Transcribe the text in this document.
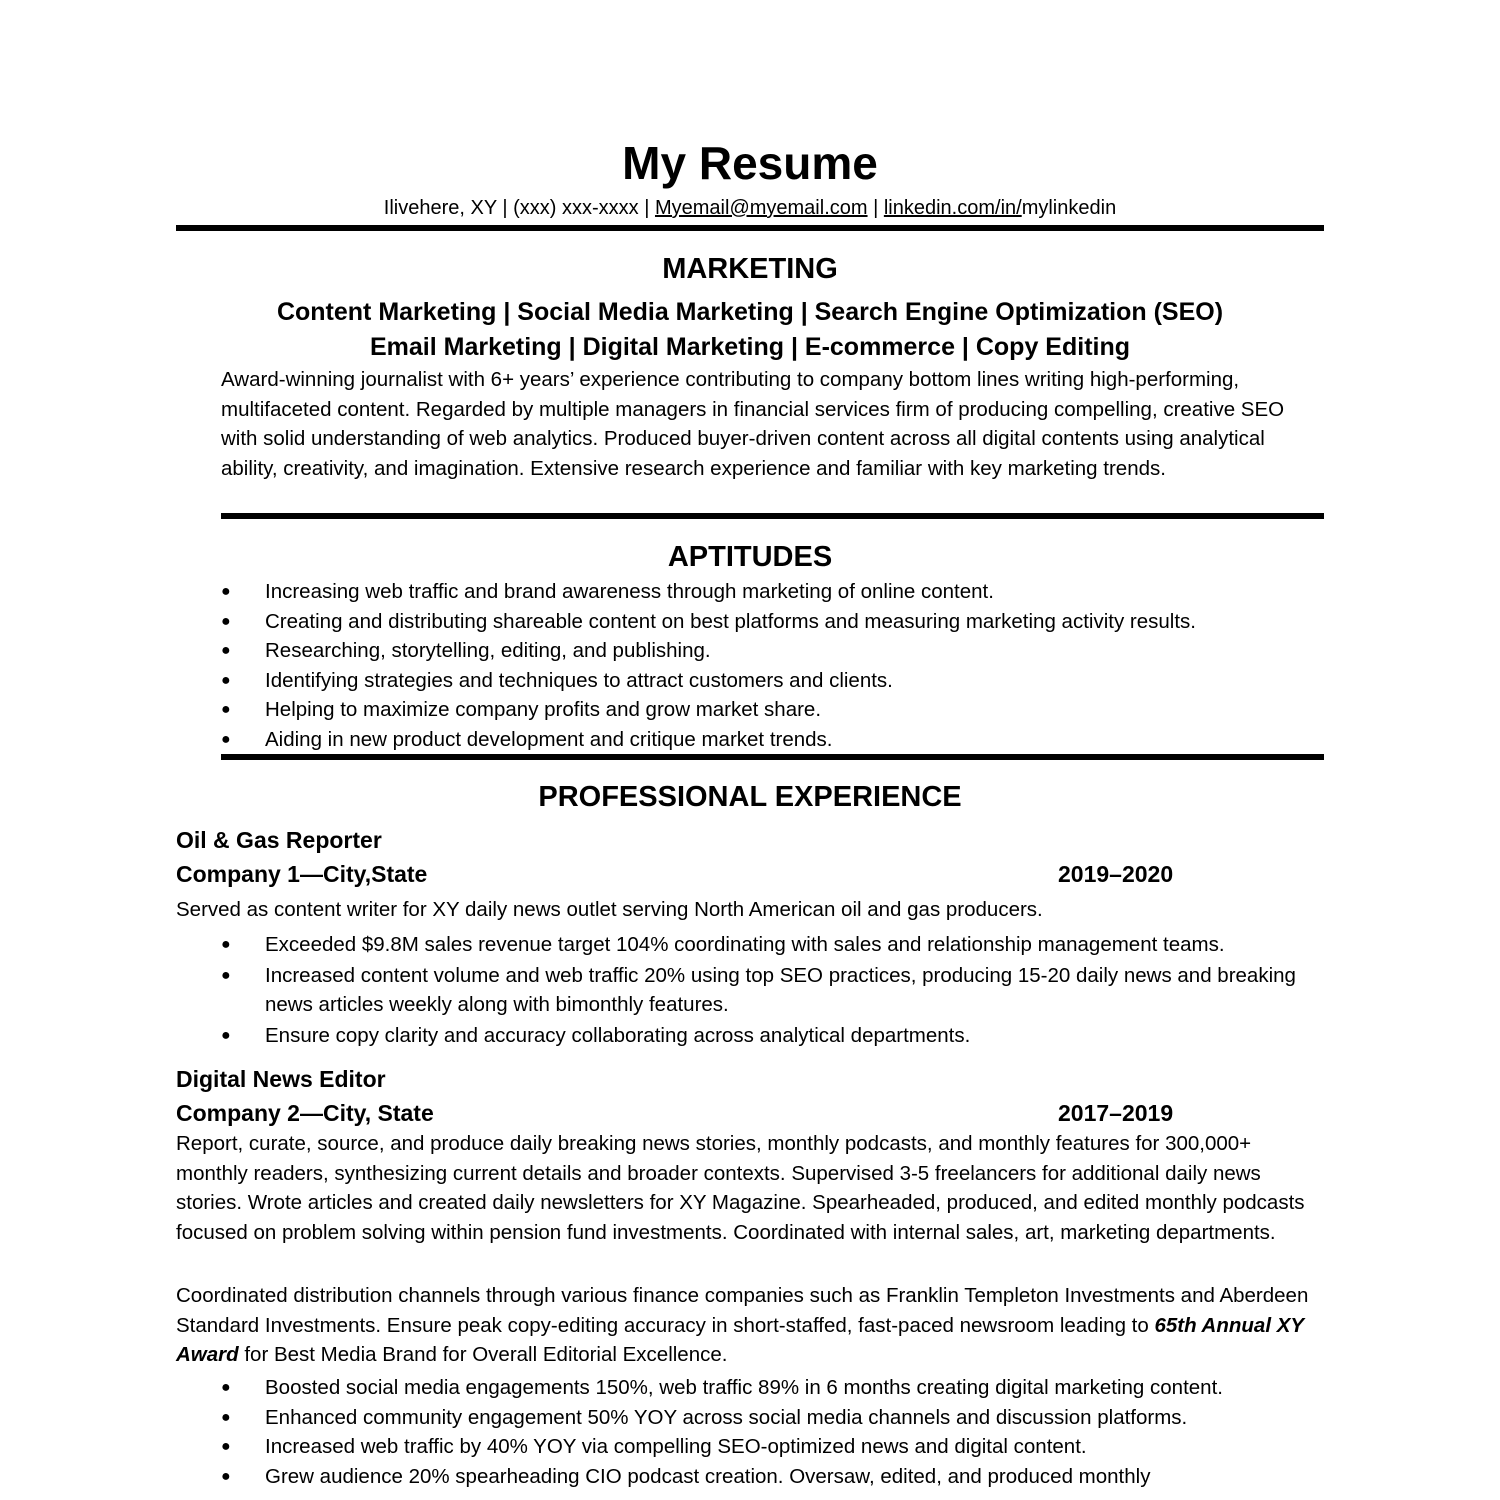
My Resume
Ilivehere, XY | (xxx) xxx-xxxx | Myemail@myemail.com | linkedin.com/in/mylinkedin
MARKETING
Content Marketing | Social Media Marketing | Search Engine Optimization (SEO)
Email Marketing | Digital Marketing | E-commerce | Copy Editing
Award-winning journalist with 6+ years’ experience contributing to company bottom lines writing high-performing, multifaceted content. Regarded by multiple managers in financial services firm of producing compelling, creative SEO with solid understanding of web analytics. Produced buyer-driven content across all digital contents using analytical ability, creativity, and imagination. Extensive research experience and familiar with key marketing trends.
APTITUDES
●	Increasing web traffic and brand awareness through marketing of online content.
●	Creating and distributing shareable content on best platforms and measuring marketing activity results.
●	Researching, storytelling, editing, and publishing.
●	Identifying strategies and techniques to attract customers and clients.
●	Helping to maximize company profits and grow market share.
●	Aiding in new product development and critique market trends.
PROFESSIONAL EXPERIENCE
Oil & Gas Reporter
Company 1—City,State	2019–2020
Served as content writer for XY daily news outlet serving North American oil and gas producers.
●	Exceeded $9.8M sales revenue target 104% coordinating with sales and relationship management teams.
●	Increased content volume and web traffic 20% using top SEO practices, producing 15-20 daily news and breaking news articles weekly along with bimonthly features.
●	Ensure copy clarity and accuracy collaborating across analytical departments.
Digital News Editor
Company 2—City, State	2017–2019
Report, curate, source, and produce daily breaking news stories, monthly podcasts, and monthly features for 300,000+ monthly readers, synthesizing current details and broader contexts. Supervised 3-5 freelancers for additional daily news stories. Wrote articles and created daily newsletters for XY Magazine. Spearheaded, produced, and edited monthly podcasts focused on problem solving within pension fund investments. Coordinated with internal sales, art, marketing departments.
Coordinated distribution channels through various finance companies such as Franklin Templeton Investments and Aberdeen Standard Investments. Ensure peak copy-editing accuracy in short-staffed, fast-paced newsroom leading to 65th Annual XY Award for Best Media Brand for Overall Editorial Excellence.
●	Boosted social media engagements 150%, web traffic 89% in 6 months creating digital marketing content.
●	Enhanced community engagement 50% YOY across social media channels and discussion platforms.
●	Increased web traffic by 40% YOY via compelling SEO-optimized news and digital content.
●	Grew audience 20% spearheading CIO podcast creation. Oversaw, edited, and produced monthly
